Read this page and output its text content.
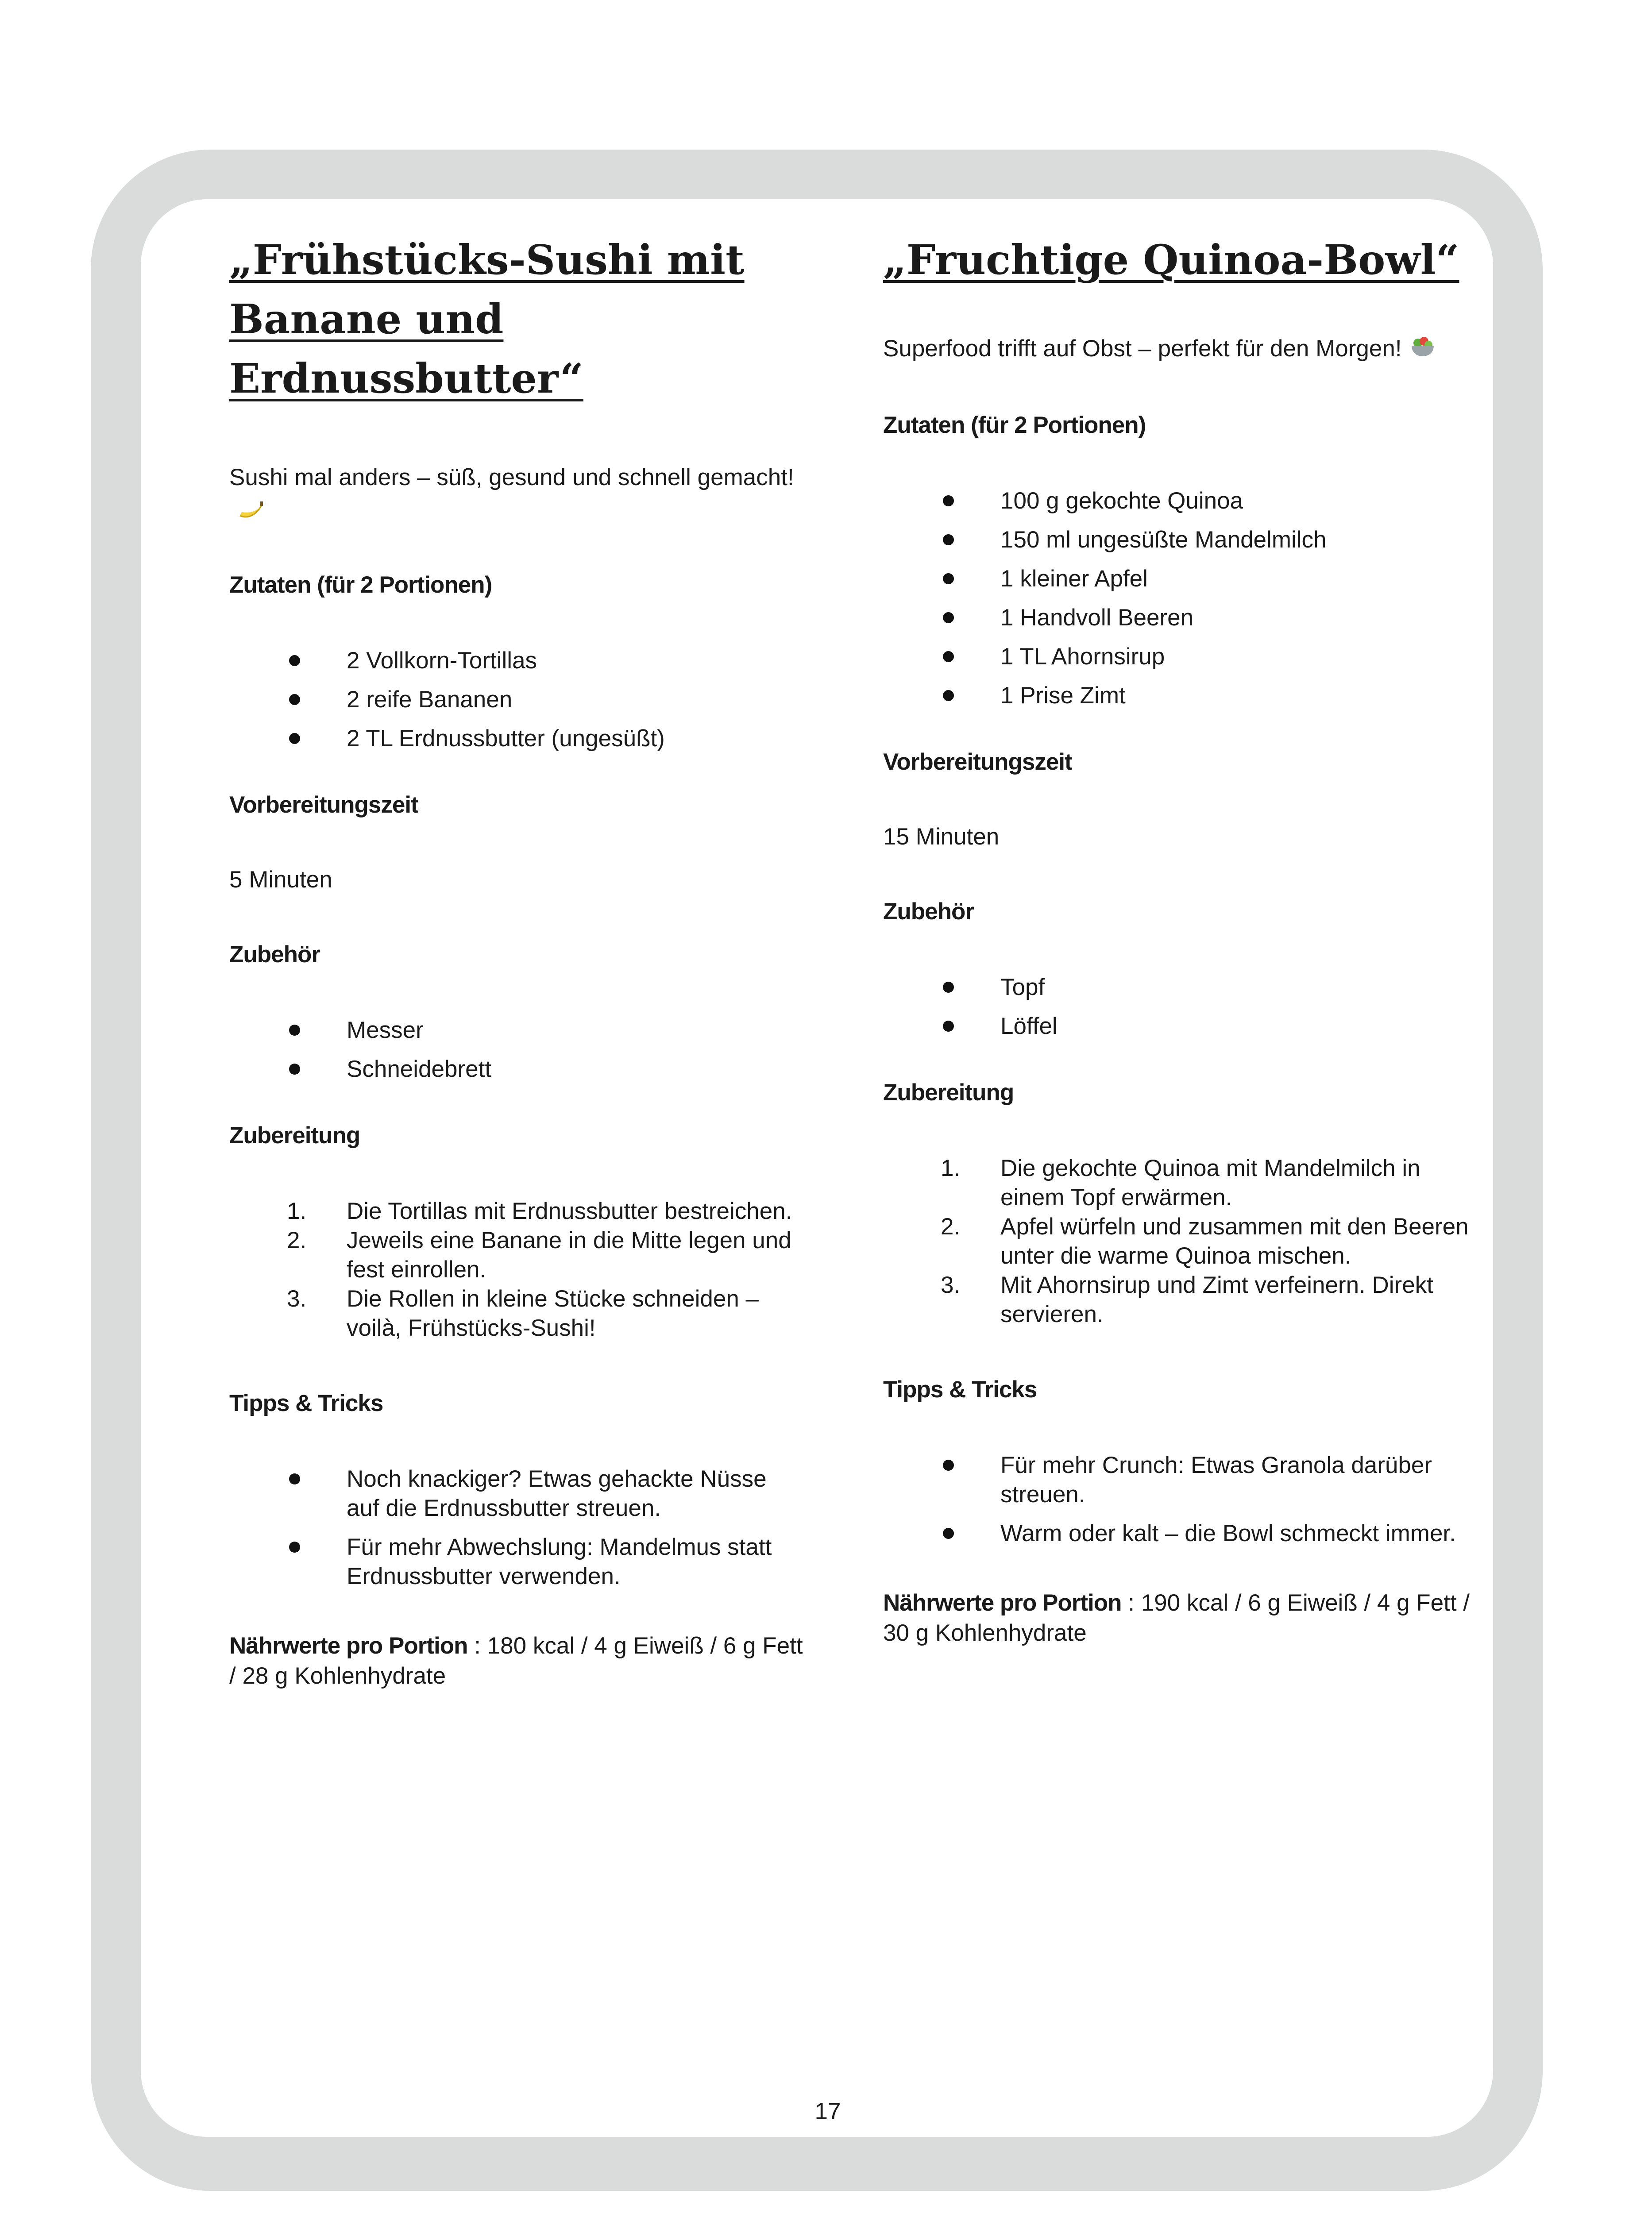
„Frühstücks-Sushi mit Banane und Erdnussbutter“

Sushi mal anders – süß, gesund und schnell gemacht!

Zutaten (für 2 Portionen)
2 Vollkorn-Tortillas
2 reife Bananen
2 TL Erdnussbutter (ungesüßt)
Vorbereitungszeit

5 Minuten

Zubehör
Messer
Schneidebrett
Zubereitung
1. Die Tortillas mit Erdnussbutter bestreichen.
2. Jeweils eine Banane in die Mitte legen und fest einrollen.
3. Die Rollen in kleine Stücke schneiden – voilà, Frühstücks-Sushi!
Tipps & Tricks
Noch knackiger? Etwas gehackte Nüsse auf die Erdnussbutter streuen.
Für mehr Abwechslung: Mandelmus statt Erdnussbutter verwenden.

Nährwerte pro Portion : 180 kcal / 4 g Eiweiß / 6 g Fett / 28 g Kohlenhydrate

„Fruchtige Quinoa-Bowl“

Superfood trifft auf Obst – perfekt für den Morgen!

Zutaten (für 2 Portionen)
100 g gekochte Quinoa
150 ml ungesüßte Mandelmilch
1 kleiner Apfel
1 Handvoll Beeren
1 TL Ahornsirup
1 Prise Zimt
Vorbereitungszeit

15 Minuten

Zubehör
Topf
Löffel
Zubereitung
1. Die gekochte Quinoa mit Mandelmilch in einem Topf erwärmen.
2. Apfel würfeln und zusammen mit den Beeren unter die warme Quinoa mischen.
3. Mit Ahornsirup und Zimt verfeinern. Direkt servieren.
Tipps & Tricks
Für mehr Crunch: Etwas Granola darüber streuen.
Warm oder kalt – die Bowl schmeckt immer.

Nährwerte pro Portion : 190 kcal / 6 g Eiweiß / 4 g Fett / 30 g Kohlenhydrate

17
